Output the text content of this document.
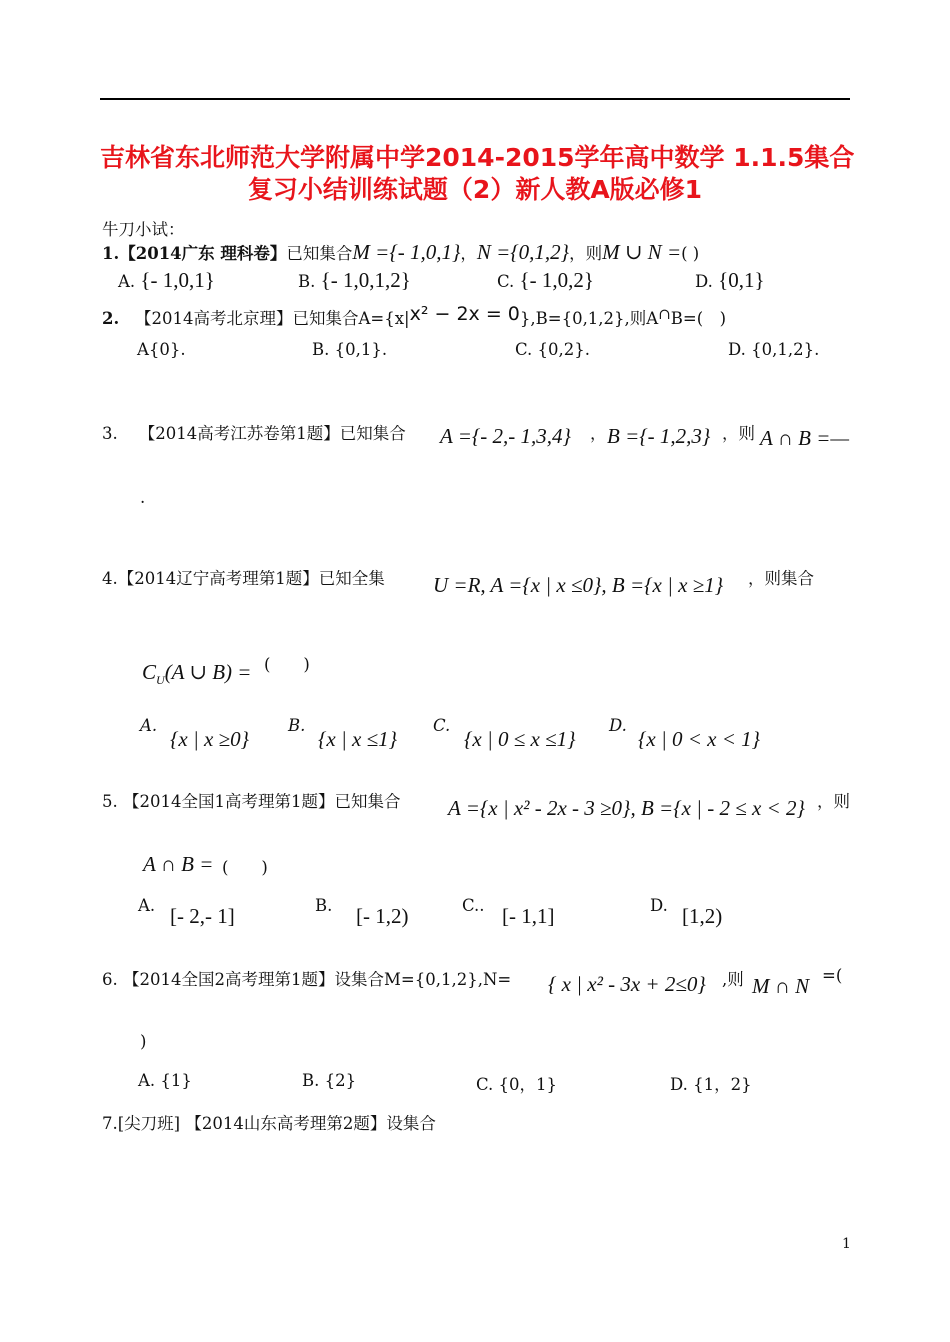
吉林省东北师范大学附属中学2014-2015学年高中数学 1.1.5集合
复习小结训练试题（2）新人教A版必修1
牛刀小试：
1.【2014广东 理科卷】已知集合M ={- 1,0,1}，N ={0,1,2}，则M ∪ N =( )
A. {- 1,0,1}	B. {- 1,0,1,2}	C. {- 1,0,2}	D. {0,1}
2. 【2014高考北京理】已知集合A={x|x² − 2x = 0},B={0,1,2},则A∩B=(　)
A{0}.	B. {0,1}.	C. {0,2}.	D. {0,1,2}.
3. 【2014高考江苏卷第1题】已知集合 A ={- 2,- 1,3,4} ， B ={- 1,2,3} ，则 A ∩ B =—
.
4.【2014辽宁高考理第1题】已知全集 U =R, A ={x | x ≤0}, B ={x | x ≥1} ，则集合
$C_U(A$ ∪ B) = (　　)
A.
{x | x ≥0}
B.
{x | x ≤1}
C.
{x | 0 ≤ x ≤1}
D.
{x | 0 < x < 1}
5. 【2014全国1高考理第1题】已知集合 A ={x | x² - 2x - 3 ≥0}, B ={x | - 2 ≤ x < 2} ，则
A ∩ B = (　　)
A. [- 2,- 1]	B. [- 1,2)	C.. [- 1,1]	D. [1,2)
6. 【2014全国2高考理第1题】设集合M={0,1,2},N= { x | x² - 3x + 2≤0} ,则 M ∩ N =(
)
A. {1}	B. {2}	C. {0，1}	D. {1，2}
7.[尖刀班] 【2014山东高考理第2题】设集合
1
